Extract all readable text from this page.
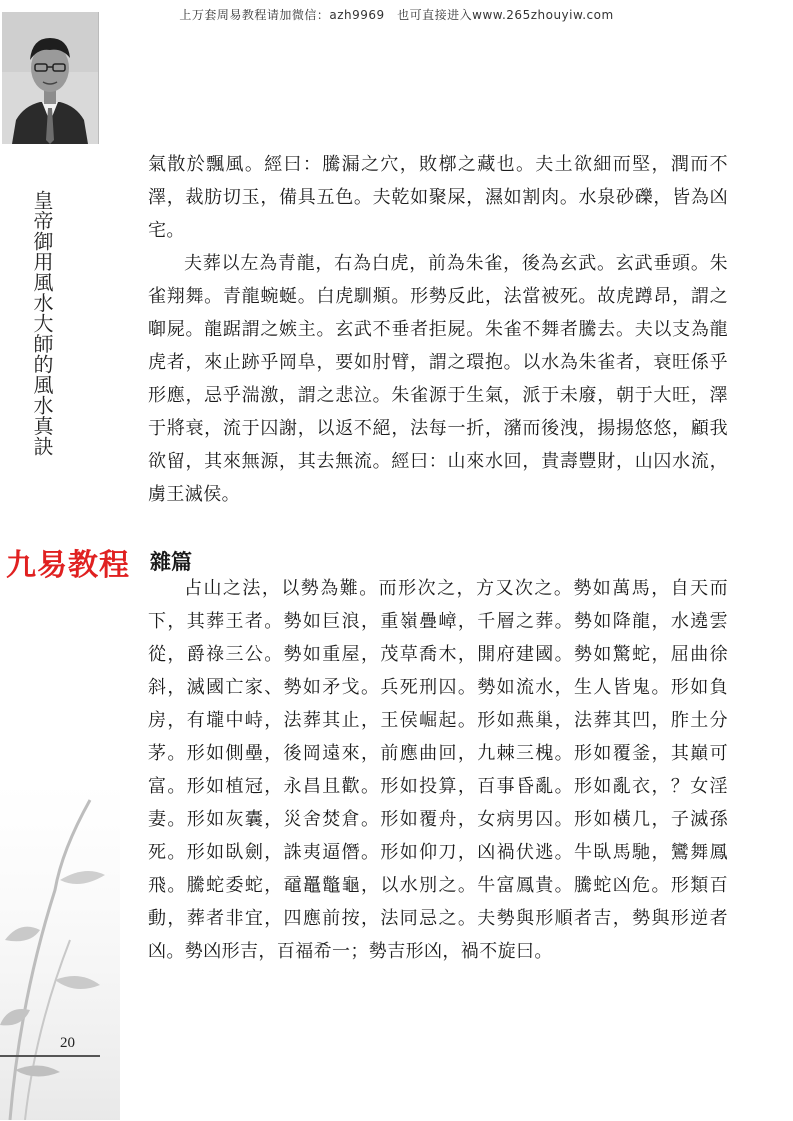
上万套周易教程请加微信：azh9969　也可直接进入www.265zhouyiw.com
皇帝御用風水大師的風水真訣
20

氣散於飄風。經曰：騰漏之穴，敗槨之藏也。夫土欲細而堅，潤而不澤，裁肪切玉，備具五色。夫乾如聚屎，濕如割肉。水泉砂礫，皆為凶宅。

夫葬以左為青龍，右為白虎，前為朱雀，後為玄武。玄武垂頭。朱雀翔舞。青龍蜿蜒。白虎馴頫。形勢反此，法當被死。故虎蹲昂，謂之啣屍。龍踞謂之嫉主。玄武不垂者拒屍。朱雀不舞者騰去。夫以支為龍虎者，來止跡乎岡阜，要如肘臂，謂之環抱。以水為朱雀者，衰旺係乎形應，忌乎湍激，謂之悲泣。朱雀源于生氣，派于未廢，朝于大旺，澤于將衰，流于囚謝，以返不絕，法每一折，瀦而後洩，揚揚悠悠，顧我欲留，其來無源，其去無流。經曰：山來水回，貴壽豐財，山囚水流，虜王滅侯。

九易教程 雜篇

占山之法，以勢為難。而形次之，方又次之。勢如萬馬，自天而下，其葬王者。勢如巨浪，重嶺疊嶂，千層之葬。勢如降龍，水遶雲從，爵祿三公。勢如重屋，茂草喬木，開府建國。勢如驚蛇，屈曲徐斜，滅國亡家、勢如矛戈。兵死刑囚。勢如流水，生人皆鬼。形如負房，有壠中峙，法葬其止，王侯崛起。形如燕巢，法葬其凹，胙土分茅。形如側壘，後岡遠來，前應曲回，九棘三槐。形如覆釜，其巔可富。形如植冠，永昌且歡。形如投算，百事昏亂。形如亂衣，？女淫妻。形如灰囊，災舍焚倉。形如覆舟，女病男囚。形如橫几，子滅孫死。形如臥劍，誅夷逼僭。形如仰刀，凶禍伏逃。牛臥馬馳，鸞舞鳳飛。騰蛇委蛇，黿鼉鼈龜，以水別之。牛富鳳貴。騰蛇凶危。形類百動，葬者非宜，四應前按，法同忌之。夫勢與形順者吉，勢與形逆者凶。勢凶形吉，百福希一；勢吉形凶，禍不旋曰。
